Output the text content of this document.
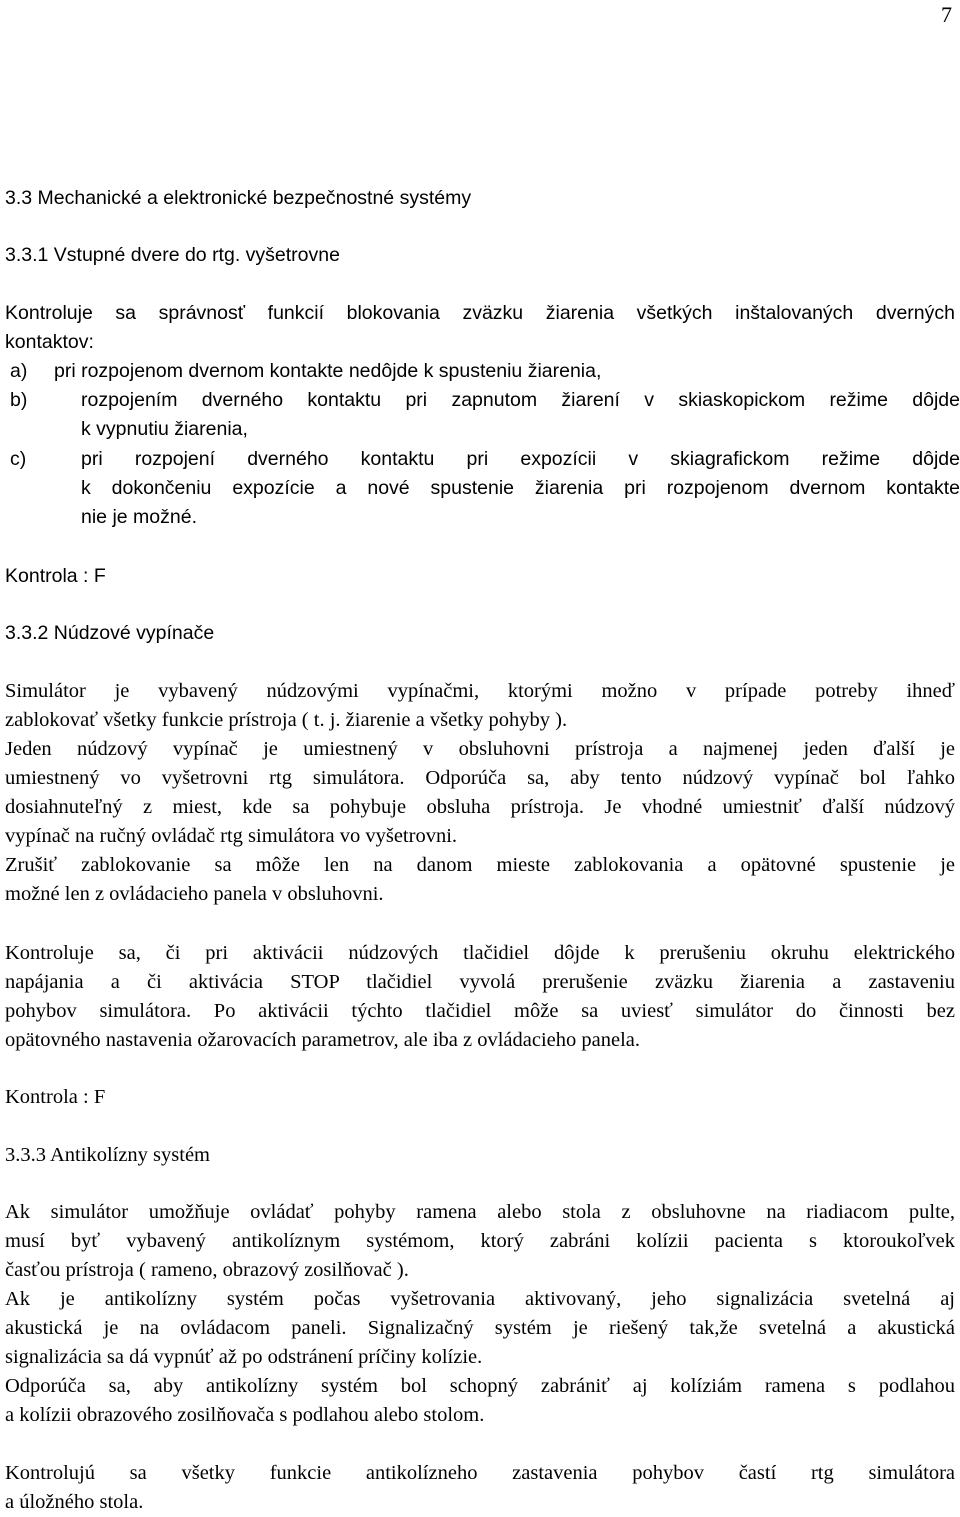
7
3.3 Mechanické a elektronické bezpečnostné systémy
3.3.1 Vstupné dvere do rtg. vyšetrovne
Kontroluje sa správnosť funkcií blokovania zväzku žiarenia všetkých inštalovaných dverných
kontaktov:
a) pri rozpojenom dvernom kontakte nedôjde k spusteniu žiarenia,
b)	rozpojením dverného kontaktu pri zapnutom žiarení v skiaskopickom režime dôjde
k vypnutiu žiarenia,
c)	pri rozpojení dverného kontaktu pri expozícii v skiagrafickom režime dôjde
k dokončeniu expozície a nové spustenie žiarenia pri rozpojenom dvernom kontakte
nie je možné.
Kontrola : F
3.3.2 Núdzové vypínače
Simulátor je vybavený núdzovými vypínačmi, ktorými možno v prípade potreby ihneď
zablokovať všetky funkcie prístroja ( t. j. žiarenie a všetky pohyby ).
Jeden núdzový vypínač je umiestnený v obsluhovni prístroja a najmenej jeden ďalší je
umiestnený vo vyšetrovni rtg simulátora. Odporúča sa, aby tento núdzový vypínač bol ľahko
dosiahnuteľný z miest, kde sa pohybuje obsluha prístroja. Je vhodné umiestniť ďalší núdzový
vypínač na ručný ovládač rtg simulátora vo vyšetrovni.
Zrušiť zablokovanie sa môže len na danom mieste zablokovania a opätovné spustenie je
možné len z ovládacieho panela v obsluhovni.
Kontroluje sa, či pri aktivácii núdzových tlačidiel dôjde k prerušeniu okruhu elektrického
napájania a či aktivácia STOP tlačidiel vyvolá prerušenie zväzku žiarenia a zastaveniu
pohybov simulátora. Po aktivácii týchto tlačidiel môže sa uviesť simulátor do činnosti bez
opätovného nastavenia ožarovacích parametrov, ale iba z ovládacieho panela.
Kontrola : F
3.3.3 Antikolízny systém
Ak simulátor umožňuje ovládať pohyby ramena alebo stola z obsluhovne na riadiacom pulte,
musí byť vybavený antikolíznym systémom, ktorý zabráni kolízii pacienta s ktoroukoľvek
časťou prístroja ( rameno, obrazový zosilňovač ).
Ak je antikolízny systém počas vyšetrovania aktivovaný, jeho signalizácia svetelná aj
akustická je na ovládacom paneli. Signalizačný systém je riešený tak,že svetelná a akustická
signalizácia sa dá vypnúť až po odstránení príčiny kolízie.
Odporúča sa, aby antikolízny systém bol schopný zabrániť aj kolíziám ramena s podlahou
a kolízii obrazového zosilňovača s podlahou alebo stolom.
Kontrolujú sa všetky funkcie antikolízneho zastavenia pohybov častí rtg simulátora
a úložného stola.
